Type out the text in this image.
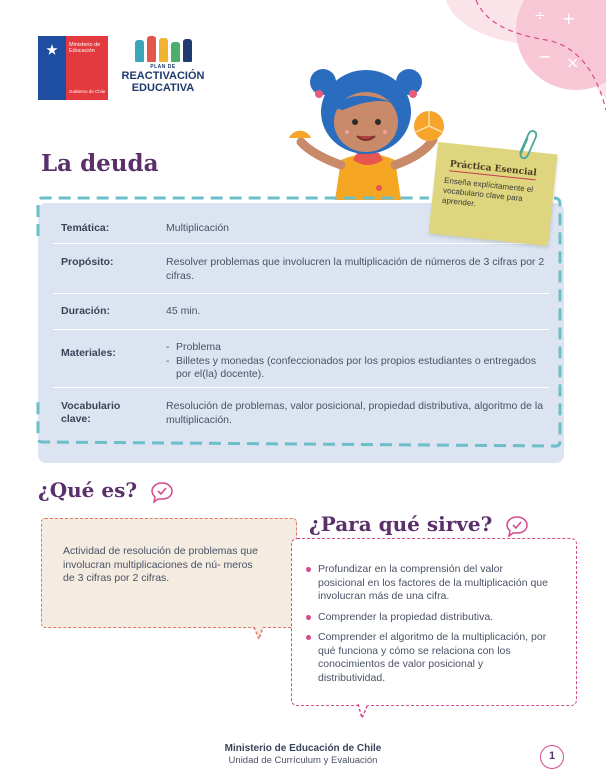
÷ +
− ×
Ministerio de
Educación
Gobierno de Chile
PLAN DE
REACTIVACIÓN
EDUCATIVA
La deuda
Temática:	Multiplicación
Propósito:	Resolver problemas que involucren la multiplicación de números de 3 cifras por 2 cifras.
Duración:	45 min.
Materiales:	- Problema
- Billetes y monedas (confeccionados por los propios estudiantes o entregados por el(la) docente).
Vocabulario
clave:
Resolución de problemas, valor posicional, propiedad distributiva, algoritmo de la multiplicación.
Práctica Esencial
Enseña explícitamente el vocabulario clave para aprender.
¿Qué es?
Actividad de resolución de problemas que involucran multiplicaciones de nú- meros de 3 cifras por 2 cifras.
¿Para qué sirve?
Profundizar en la comprensión del valor posicional en los factores de la multiplicación que involucran más de una cifra.
Comprender la propiedad distributiva.
Comprender el algoritmo de la multiplicación, por qué funciona y cómo se relaciona con los conocimientos de valor posicional y distributividad.
Ministerio de Educación de Chile
Unidad de Currículum y Evaluación	1
